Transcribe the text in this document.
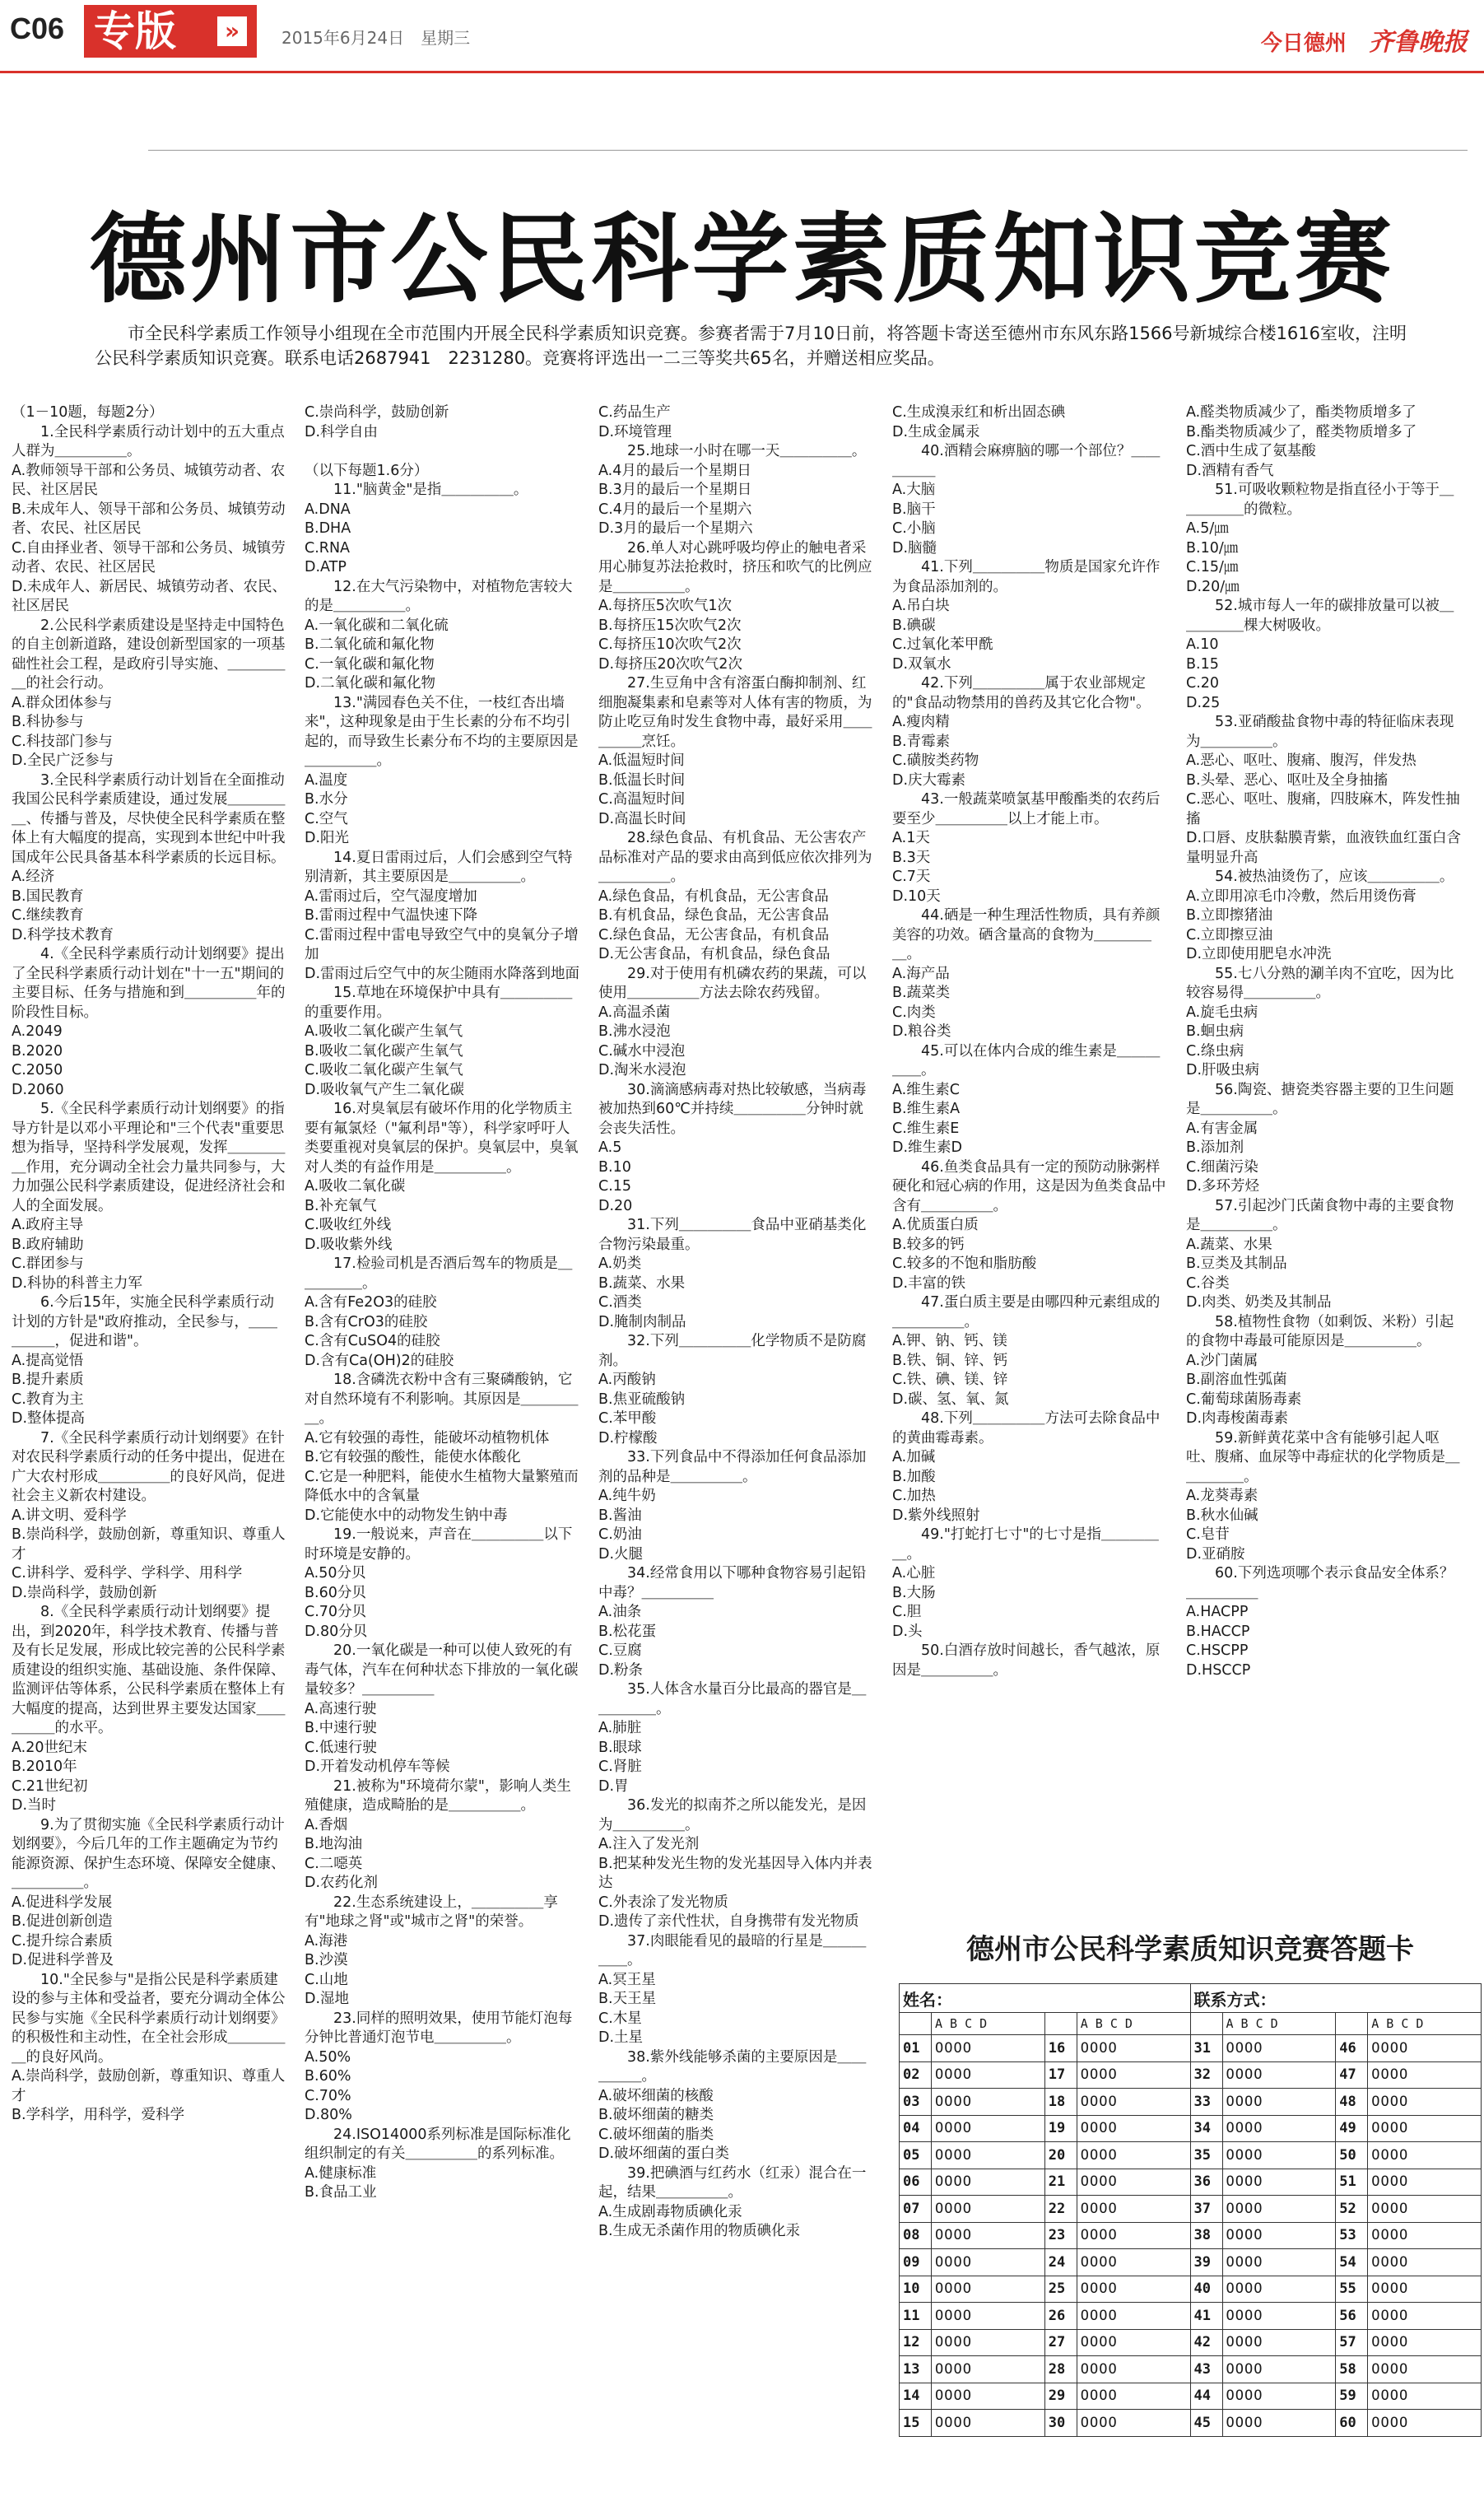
C06 专版	»	2015年6月24日　星期三	今日德州 齐鲁晚报
德州市公民科学素质知识竞赛
市全民科学素质工作领导小组现在全市范围内开展全民科学素质知识竞赛。参赛者需于7月10日前，将答题卡寄送至德州市东风东路1566号新城综合楼1616室收，注明公民科学素质知识竞赛。联系电话2687941　2231280。竞赛将评选出一二三等奖共65名，并赠送相应奖品。

（1－10题，每题2分）

1.全民科学素质行动计划中的五大重点人群为＿＿＿＿＿。

A.教师领导干部和公务员、城镇劳动者、农民、社区居民

B.未成年人、领导干部和公务员、城镇劳动者、农民、社区居民

C.自由择业者、领导干部和公务员、城镇劳动者、农民、社区居民

D.未成年人、新居民、城镇劳动者、农民、社区居民

2.公民科学素质建设是坚持走中国特色的自主创新道路，建设创新型国家的一项基础性社会工程，是政府引导实施、＿＿＿＿＿的社会行动。

A.群众团体参与

B.科协参与

C.科技部门参与

D.全民广泛参与

3.全民科学素质行动计划旨在全面推动我国公民科学素质建设，通过发展＿＿＿＿＿、传播与普及，尽快使全民科学素质在整体上有大幅度的提高，实现到本世纪中叶我国成年公民具备基本科学素质的长远目标。

A.经济

B.国民教育

C.继续教育

D.科学技术教育

4.《全民科学素质行动计划纲要》提出了全民科学素质行动计划在"十一五"期间的主要目标、任务与措施和到＿＿＿＿＿年的阶段性目标。

A.2049

B.2020

C.2050

D.2060

5.《全民科学素质行动计划纲要》的指导方针是以邓小平理论和"三个代表"重要思想为指导，坚持科学发展观，发挥＿＿＿＿＿作用，充分调动全社会力量共同参与，大力加强公民科学素质建设，促进经济社会和人的全面发展。

A.政府主导

B.政府辅助

C.群团参与

D.科协的科普主力军

6.今后15年，实施全民科学素质行动计划的方针是"政府推动，全民参与，＿＿＿＿＿，促进和谐"。

A.提高觉悟

B.提升素质

C.教育为主

D.整体提高

7.《全民科学素质行动计划纲要》在针对农民科学素质行动的任务中提出，促进在广大农村形成＿＿＿＿＿的良好风尚，促进社会主义新农村建设。

A.讲文明、爱科学

B.崇尚科学，鼓励创新，尊重知识、尊重人才

C.讲科学、爱科学、学科学、用科学

D.崇尚科学，鼓励创新

8.《全民科学素质行动计划纲要》提出，到2020年，科学技术教育、传播与普及有长足发展，形成比较完善的公民科学素质建设的组织实施、基础设施、条件保障、监测评估等体系，公民科学素质在整体上有大幅度的提高，达到世界主要发达国家＿＿＿＿＿的水平。

A.20世纪末

B.2010年

C.21世纪初

D.当时

9.为了贯彻实施《全民科学素质行动计划纲要》，今后几年的工作主题确定为节约能源资源、保护生态环境、保障安全健康、＿＿＿＿＿。

A.促进科学发展

B.促进创新创造

C.提升综合素质

D.促进科学普及

10."全民参与"是指公民是科学素质建设的参与主体和受益者，要充分调动全体公民参与实施《全民科学素质行动计划纲要》的积极性和主动性，在全社会形成＿＿＿＿＿的良好风尚。

A.崇尚科学，鼓励创新，尊重知识、尊重人才

B.学科学，用科学，爱科学

C.崇尚科学，鼓励创新

D.科学自由

（以下每题1.6分）

11."脑黄金"是指＿＿＿＿＿。

A.DNA

B.DHA

C.RNA

D.ATP

12.在大气污染物中，对植物危害较大的是＿＿＿＿＿。

A.一氧化碳和二氧化硫

B.二氧化硫和氟化物

C.一氧化碳和氟化物

D.二氧化碳和氟化物

13."满园春色关不住，一枝红杏出墙来"，这种现象是由于生长素的分布不均引起的，而导致生长素分布不均的主要原因是＿＿＿＿＿。

A.温度

B.水分

C.空气

D.阳光

14.夏日雷雨过后，人们会感到空气特别清新，其主要原因是＿＿＿＿＿。

A.雷雨过后，空气湿度增加

B.雷雨过程中气温快速下降

C.雷雨过程中雷电导致空气中的臭氧分子增加

D.雷雨过后空气中的灰尘随雨水降落到地面

15.草地在环境保护中具有＿＿＿＿＿的重要作用。

A.吸收二氧化碳产生氧气

B.吸收二氧化碳产生氧气

C.吸收二氧化碳产生氧气

D.吸收氧气产生二氧化碳

16.对臭氧层有破坏作用的化学物质主要有氟氯烃（"氟利昂"等），科学家呼吁人类要重视对臭氧层的保护。臭氧层中，臭氧对人类的有益作用是＿＿＿＿＿。

A.吸收二氧化碳

B.补充氧气

C.吸收红外线

D.吸收紫外线

17.检验司机是否酒后驾车的物质是＿＿＿＿＿。

A.含有Fe2O3的硅胶

B.含有CrO3的硅胶

C.含有CuSO4的硅胶

D.含有Ca(OH)2的硅胶

18.含磷洗衣粉中含有三聚磷酸钠，它对自然环境有不利影响。其原因是＿＿＿＿＿。

A.它有较强的毒性，能破坏动植物机体

B.它有较强的酸性，能使水体酸化

C.它是一种肥料，能使水生植物大量繁殖而降低水中的含氧量

D.它能使水中的动物发生钠中毒

19.一般说来，声音在＿＿＿＿＿以下时环境是安静的。

A.50分贝

B.60分贝

C.70分贝

D.80分贝

20.一氧化碳是一种可以使人致死的有毒气体，汽车在何种状态下排放的一氧化碳量较多？＿＿＿＿＿

A.高速行驶

B.中速行驶

C.低速行驶

D.开着发动机停车等候

21.被称为"环境荷尔蒙"，影响人类生殖健康，造成畸胎的是＿＿＿＿＿。

A.香烟

B.地沟油

C.二噁英

D.农药化剂

22.生态系统建设上，＿＿＿＿＿享有"地球之肾"或"城市之肾"的荣誉。

A.海港

B.沙漠

C.山地

D.湿地

23.同样的照明效果，使用节能灯泡每分钟比普通灯泡节电＿＿＿＿＿。

A.50%

B.60%

C.70%

D.80%

24.ISO14000系列标准是国际标准化组织制定的有关＿＿＿＿＿的系列标准。

A.健康标准

B.食品工业

C.药品生产

D.环境管理

25.地球一小时在哪一天＿＿＿＿＿。

A.4月的最后一个星期日

B.3月的最后一个星期日

C.4月的最后一个星期六

D.3月的最后一个星期六

26.单人对心跳呼吸均停止的触电者采用心肺复苏法抢救时，挤压和吹气的比例应是＿＿＿＿＿。

A.每挤压5次吹气1次

B.每挤压15次吹气2次

C.每挤压10次吹气2次

D.每挤压20次吹气2次

27.生豆角中含有溶蛋白酶抑制剂、红细胞凝集素和皂素等对人体有害的物质，为防止吃豆角时发生食物中毒，最好采用＿＿＿＿＿烹饪。

A.低温短时间

B.低温长时间

C.高温短时间

D.高温长时间

28.绿色食品、有机食品、无公害农产品标准对产品的要求由高到低应依次排列为＿＿＿＿＿。

A.绿色食品，有机食品，无公害食品

B.有机食品，绿色食品，无公害食品

C.绿色食品，无公害食品，有机食品

D.无公害食品，有机食品，绿色食品

29.对于使用有机磷农药的果蔬，可以使用＿＿＿＿＿方法去除农药残留。

A.高温杀菌

B.沸水浸泡

C.碱水中浸泡

D.淘米水浸泡

30.滴滴感病毒对热比较敏感，当病毒被加热到60℃并持续＿＿＿＿＿分钟时就会丧失活性。

A.5

B.10

C.15

D.20

31.下列＿＿＿＿＿食品中亚硝基类化合物污染最重。

A.奶类

B.蔬菜、水果

C.酒类

D.腌制肉制品

32.下列＿＿＿＿＿化学物质不是防腐剂。

A.丙酸钠

B.焦亚硫酸钠

C.苯甲酸

D.柠檬酸

33.下列食品中不得添加任何食品添加剂的品种是＿＿＿＿＿。

A.纯牛奶

B.酱油

C.奶油

D.火腿

34.经常食用以下哪种食物容易引起铅中毒？＿＿＿＿＿

A.油条

B.松花蛋

C.豆腐

D.粉条

35.人体含水量百分比最高的器官是＿＿＿＿＿。

A.肺脏

B.眼球

C.肾脏

D.胃

36.发光的拟南芥之所以能发光，是因为＿＿＿＿＿。

A.注入了发光剂

B.把某种发光生物的发光基因导入体内并表达

C.外表涂了发光物质

D.遗传了亲代性状，自身携带有发光物质

37.肉眼能看见的最暗的行星是＿＿＿＿＿。

A.冥王星

B.天王星

C.木星

D.土星

38.紫外线能够杀菌的主要原因是＿＿＿＿＿。

A.破坏细菌的核酸

B.破坏细菌的糖类

C.破坏细菌的脂类

D.破坏细菌的蛋白类

39.把碘酒与红药水（红汞）混合在一起，结果＿＿＿＿＿。

A.生成剧毒物质碘化汞

B.生成无杀菌作用的物质碘化汞

C.生成溴汞红和析出固态碘

D.生成金属汞

40.酒精会麻痹脑的哪一个部位？＿＿＿＿＿

A.大脑

B.脑干

C.小脑

D.脑髓

41.下列＿＿＿＿＿物质是国家允许作为食品添加剂的。

A.吊白块

B.碘碳

C.过氧化苯甲酰

D.双氧水

42.下列＿＿＿＿＿属于农业部规定的"食品动物禁用的兽药及其它化合物"。

A.瘦肉精

B.青霉素

C.磺胺类药物

D.庆大霉素

43.一般蔬菜喷氯基甲酸酯类的农药后要至少＿＿＿＿＿以上才能上市。

A.1天

B.3天

C.7天

D.10天

44.硒是一种生理活性物质，具有养颜美容的功效。硒含量高的食物为＿＿＿＿＿。

A.海产品

B.蔬菜类

C.肉类

D.粮谷类

45.可以在体内合成的维生素是＿＿＿＿＿。

A.维生素C

B.维生素A

C.维生素E

D.维生素D

46.鱼类食品具有一定的预防动脉粥样硬化和冠心病的作用，这是因为鱼类食品中含有＿＿＿＿＿。

A.优质蛋白质

B.较多的钙

C.较多的不饱和脂肪酸

D.丰富的铁

47.蛋白质主要是由哪四种元素组成的＿＿＿＿＿。

A.钾、钠、钙、镁

B.铁、铜、锌、钙

C.铁、碘、镁、锌

D.碳、氢、氧、氮

48.下列＿＿＿＿＿方法可去除食品中的黄曲霉毒素。

A.加碱

B.加酸

C.加热

D.紫外线照射

49."打蛇打七寸"的七寸是指＿＿＿＿＿。

A.心脏

B.大肠

C.胆

D.头

50.白酒存放时间越长，香气越浓，原因是＿＿＿＿＿。

A.醛类物质减少了，酯类物质增多了

B.酯类物质减少了，醛类物质增多了

C.酒中生成了氨基酸

D.酒精有香气

51.可吸收颗粒物是指直径小于等于＿＿＿＿＿的微粒。

A.5/㎛

B.10/㎛

C.15/㎛

D.20/㎛

52.城市每人一年的碳排放量可以被＿＿＿＿＿棵大树吸收。

A.10

B.15

C.20

D.25

53.亚硝酸盐食物中毒的特征临床表现为＿＿＿＿＿。

A.恶心、呕吐、腹痛、腹泻，伴发热

B.头晕、恶心、呕吐及全身抽搐

C.恶心、呕吐、腹痛，四肢麻木，阵发性抽搐

D.口唇、皮肤黏膜青紫，血液铁血红蛋白含量明显升高

54.被热油烫伤了，应该＿＿＿＿＿。

A.立即用凉毛巾冷敷，然后用烫伤膏

B.立即擦猪油

C.立即擦豆油

D.立即使用肥皂水冲洗

55.七八分熟的涮羊肉不宜吃，因为比较容易得＿＿＿＿＿。

A.旋毛虫病

B.蛔虫病

C.绦虫病

D.肝吸虫病

56.陶瓷、搪瓷类容器主要的卫生问题是＿＿＿＿＿。

A.有害金属

B.添加剂

C.细菌污染

D.多环芳烃

57.引起沙门氏菌食物中毒的主要食物是＿＿＿＿＿。

A.蔬菜、水果

B.豆类及其制品

C.谷类

D.肉类、奶类及其制品

58.植物性食物（如剩饭、米粉）引起的食物中毒最可能原因是＿＿＿＿＿。

A.沙门菌属

B.副溶血性弧菌

C.葡萄球菌肠毒素

D.肉毒梭菌毒素

59.新鲜黄花菜中含有能够引起人呕吐、腹痛、血尿等中毒症状的化学物质是＿＿＿＿＿。

A.龙葵毒素

B.秋水仙碱

C.皂苷

D.亚硝胺

60.下列选项哪个表示食品安全体系？＿＿＿＿＿

A.HACPP

B.HACCP

C.HSCPP

D.HSCCP

德州市公民科学素质知识竞赛答题卡
姓名：				联系方式：			
	A B C D		A B C D		A B C D		A B C D
01	OOOO	16	OOOO	31	OOOO	46	OOOO
02	OOOO	17	OOOO	32	OOOO	47	OOOO
03	OOOO	18	OOOO	33	OOOO	48	OOOO
04	OOOO	19	OOOO	34	OOOO	49	OOOO
05	OOOO	20	OOOO	35	OOOO	50	OOOO
06	OOOO	21	OOOO	36	OOOO	51	OOOO
07	OOOO	22	OOOO	37	OOOO	52	OOOO
08	OOOO	23	OOOO	38	OOOO	53	OOOO
09	OOOO	24	OOOO	39	OOOO	54	OOOO
10	OOOO	25	OOOO	40	OOOO	55	OOOO
11	OOOO	26	OOOO	41	OOOO	56	OOOO
12	OOOO	27	OOOO	42	OOOO	57	OOOO
13	OOOO	28	OOOO	43	OOOO	58	OOOO
14	OOOO	29	OOOO	44	OOOO	59	OOOO
15	OOOO	30	OOOO	45	OOOO	60	OOOO
